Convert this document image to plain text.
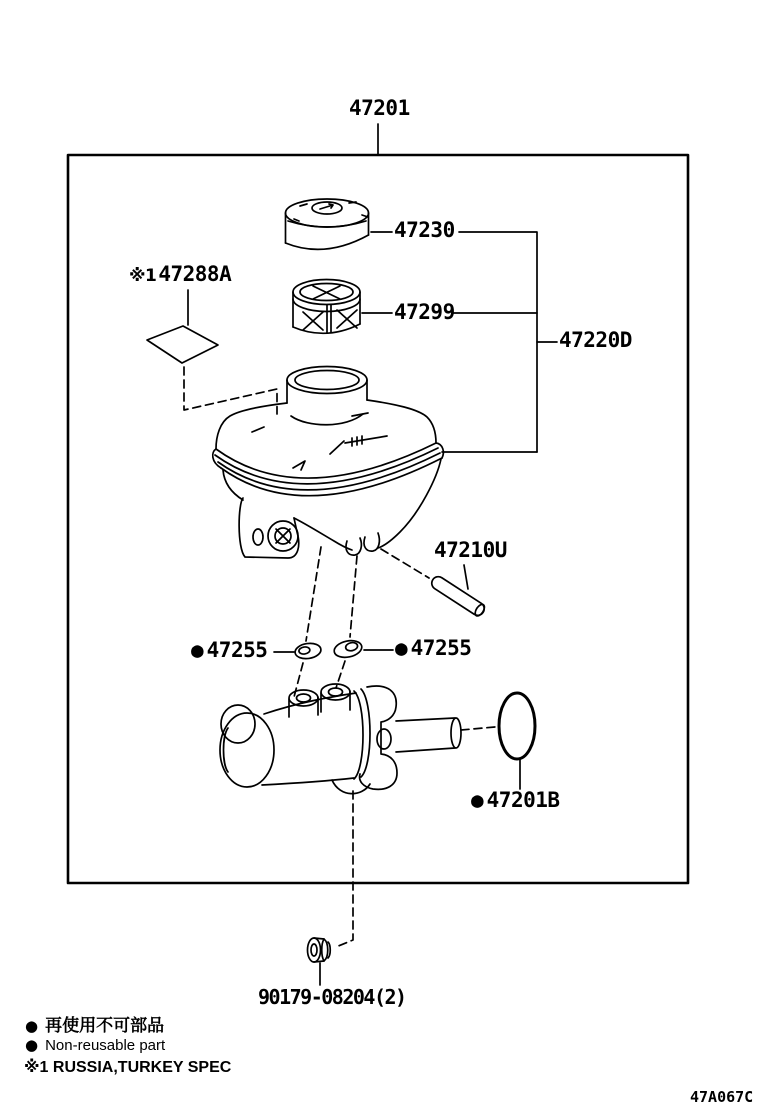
47201
47230
※1 47288A
47299
47220D
47210U
● 47255	● 47255
● 47201B
90179-08204(2)
● 再使用不可部品
● Non-reusable part
※1 RUSSIA,TURKEY SPEC
47A067C
